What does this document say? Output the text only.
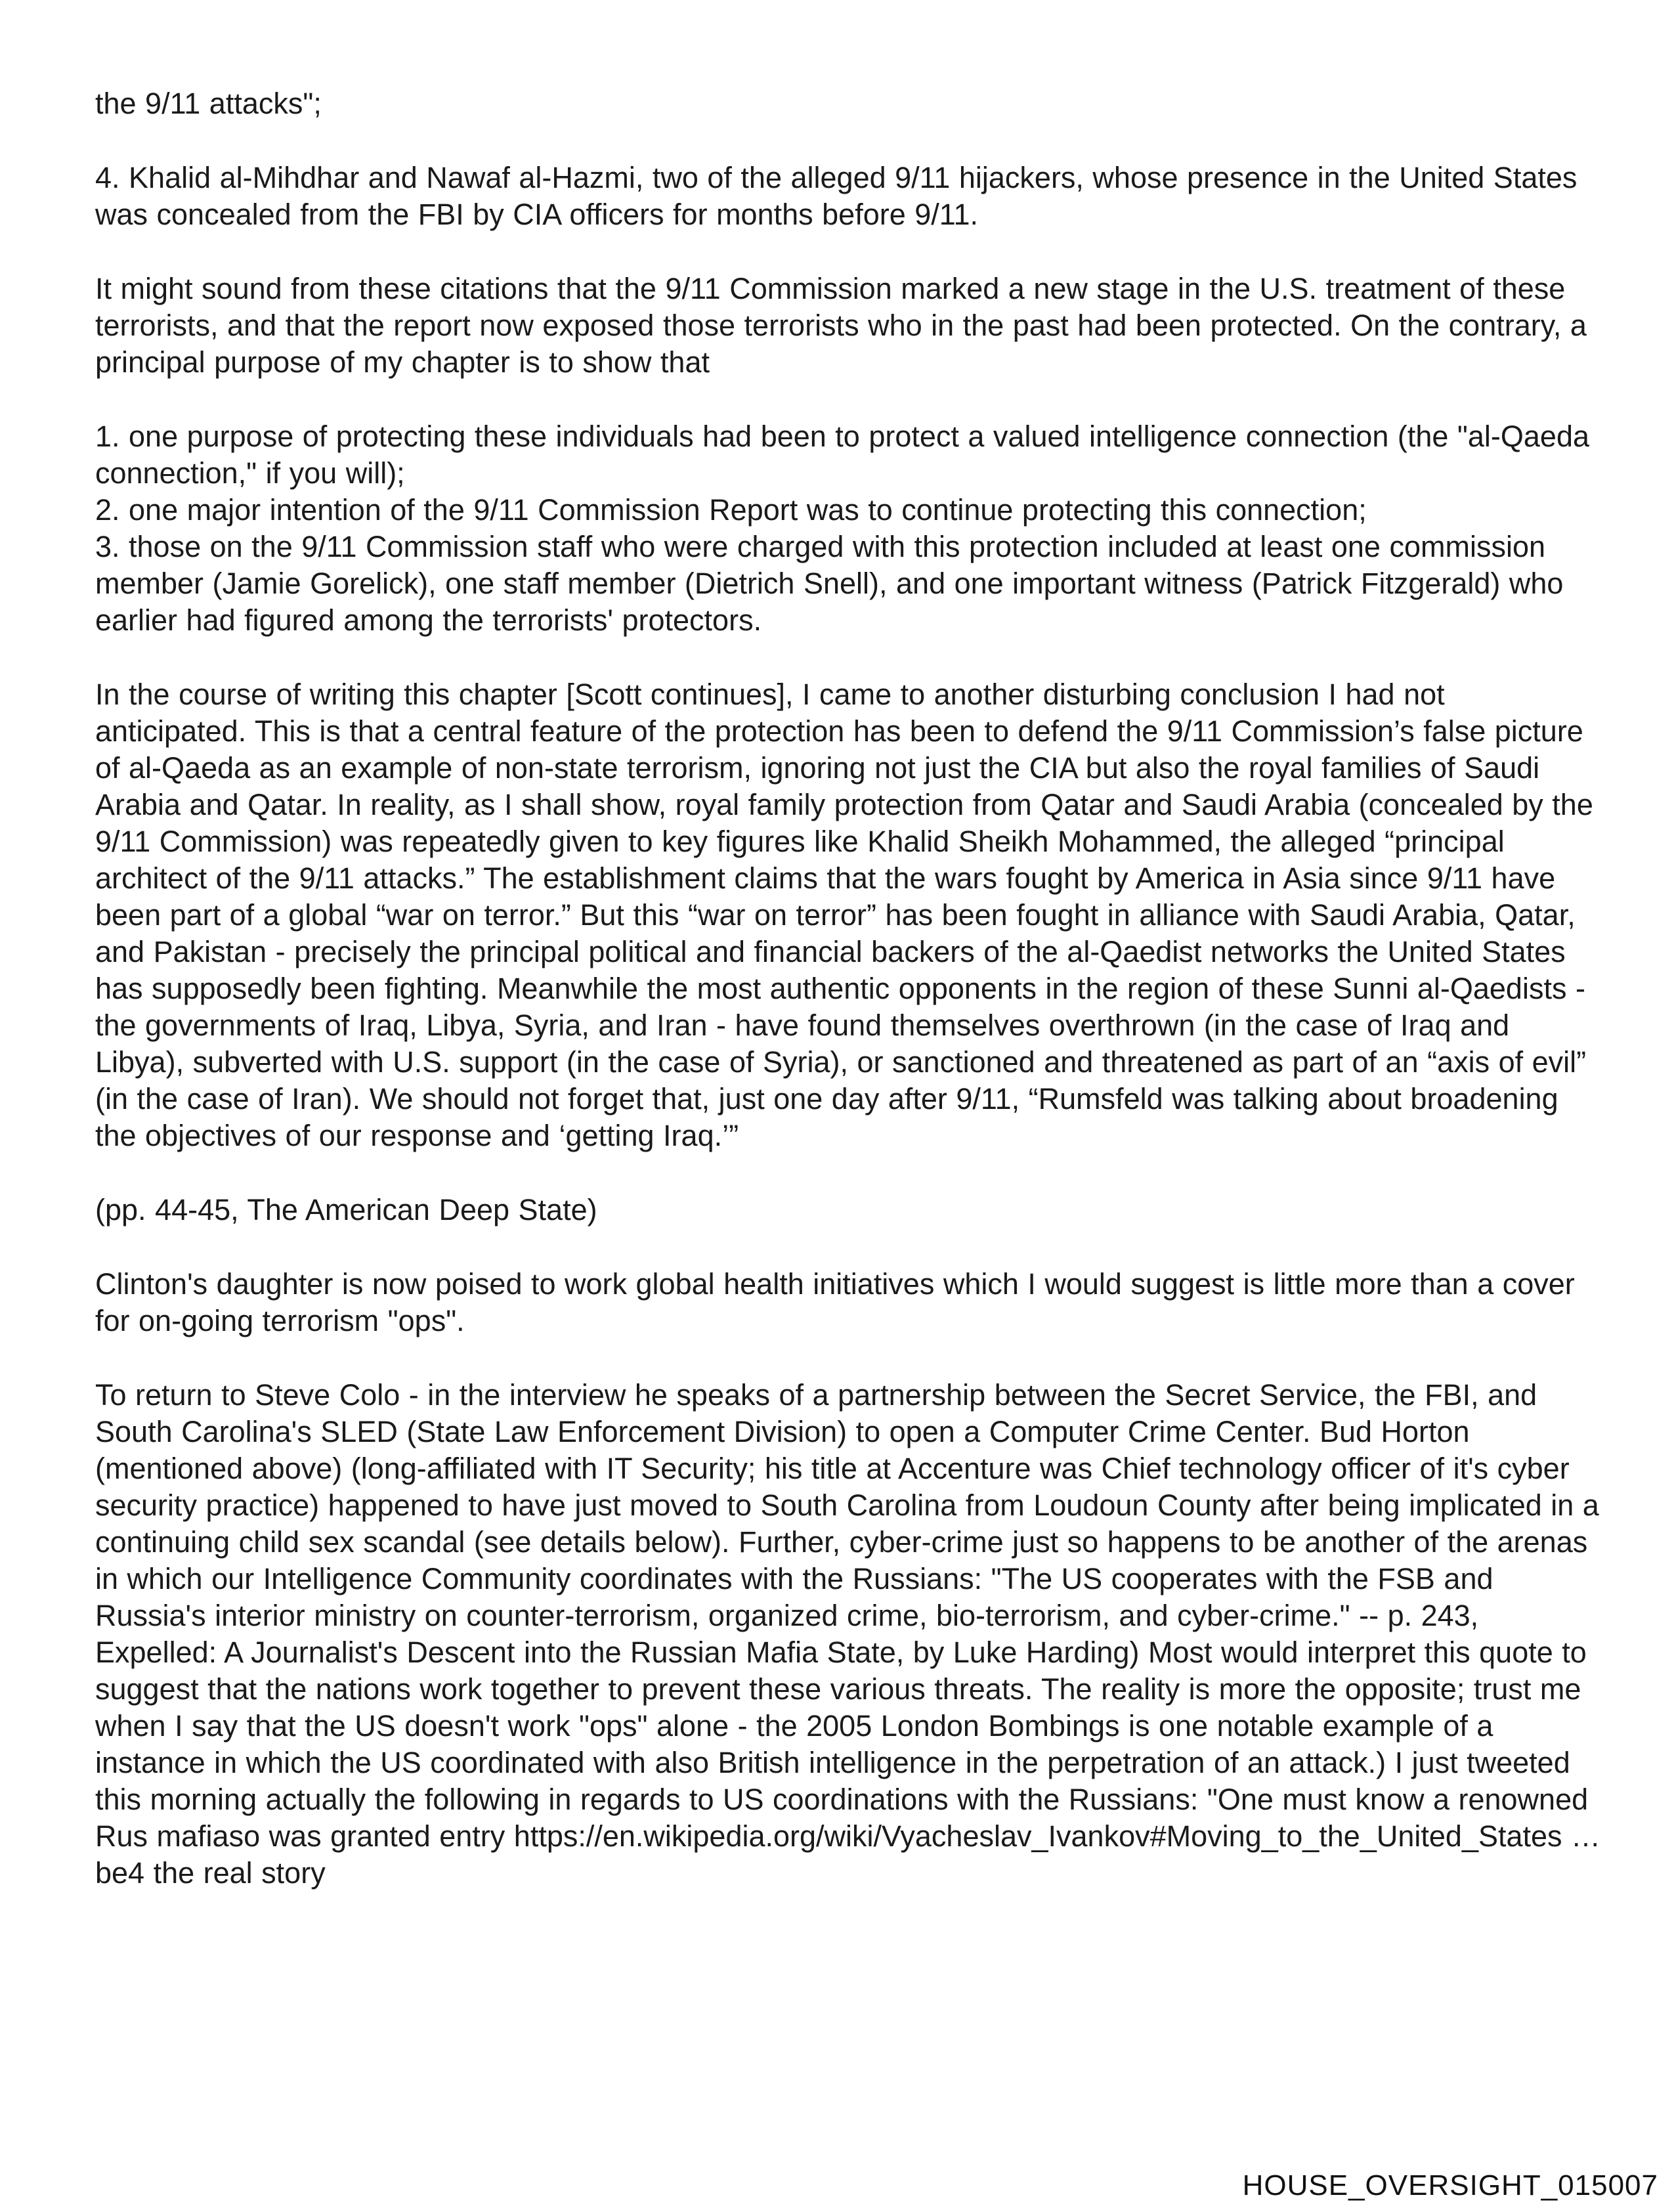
the 9/11 attacks";

4. Khalid al-Mihdhar and Nawaf al-Hazmi, two of the alleged 9/11 hijackers, whose presence in the United States was concealed from the FBI by CIA officers for months before 9/11.

It might sound from these citations that the 9/11 Commission marked a new stage in the U.S. treatment of these terrorists, and that the report now exposed those terrorists who in the past had been protected. On the contrary, a principal purpose of my chapter is to show that

1. one purpose of protecting these individuals had been to protect a valued intelligence connection (the "al-Qaeda connection," if you will);

2. one major intention of the 9/11 Commission Report was to continue protecting this connection;

3. those on the 9/11 Commission staff who were charged with this protection included at least one commission member (Jamie Gorelick), one staff member (Dietrich Snell), and one important witness (Patrick Fitzgerald) who earlier had figured among the terrorists' protectors.

In the course of writing this chapter [Scott continues], I came to another disturbing conclusion I had not anticipated. This is that a central feature of the protection has been to defend the 9/11 Commission’s false picture of al-Qaeda as an example of non-state terrorism, ignoring not just the CIA but also the royal families of Saudi Arabia and Qatar. In reality, as I shall show, royal family protection from Qatar and Saudi Arabia (concealed by the 9/11 Commission) was repeatedly given to key figures like Khalid Sheikh Mohammed, the alleged “principal architect of the 9/11 attacks.” The establishment claims that the wars fought by America in Asia since 9/11 have been part of a global “war on terror.” But this “war on terror” has been fought in alliance with Saudi Arabia, Qatar, and Pakistan - precisely the principal political and financial backers of the al-Qaedist networks the United States has supposedly been fighting. Meanwhile the most authentic opponents in the region of these Sunni al-Qaedists - the governments of Iraq, Libya, Syria, and Iran - have found themselves overthrown (in the case of Iraq and Libya), subverted with U.S. support (in the case of Syria), or sanctioned and threatened as part of an “axis of evil” (in the case of Iran). We should not forget that, just one day after 9/11, “Rumsfeld was talking about broadening the objectives of our response and ‘getting Iraq.’”

(pp. 44-45, The American Deep State)

Clinton's daughter is now poised to work global health initiatives which I would suggest is little more than a cover for on-going terrorism "ops".

To return to Steve Colo - in the interview he speaks of a partnership between the Secret Service, the FBI, and South Carolina's SLED (State Law Enforcement Division) to open a Computer Crime Center. Bud Horton (mentioned above) (long-affiliated with IT Security; his title at Accenture was Chief technology officer of it's cyber security practice) happened to have just moved to South Carolina from Loudoun County after being implicated in a continuing child sex scandal (see details below). Further, cyber-crime just so happens to be another of the arenas in which our Intelligence Community coordinates with the Russians: "The US cooperates with the FSB and Russia's interior ministry on counter-terrorism, organized crime, bio-terrorism, and cyber-crime." -- p. 243, Expelled: A Journalist's Descent into the Russian Mafia State, by Luke Harding) Most would interpret this quote to suggest that the nations work together to prevent these various threats. The reality is more the opposite; trust me when I say that the US doesn't work "ops" alone - the 2005 London Bombings is one notable example of a instance in which the US coordinated with also British intelligence in the perpetration of an attack.) I just tweeted this morning actually the following in regards to US coordinations with the Russians: "One must know a renowned Rus mafiaso was granted entry https://en.wikipedia.org/wiki/Vyacheslav_Ivankov#Moving_to_the_United_States … be4 the real story

HOUSE_OVERSIGHT_015007
